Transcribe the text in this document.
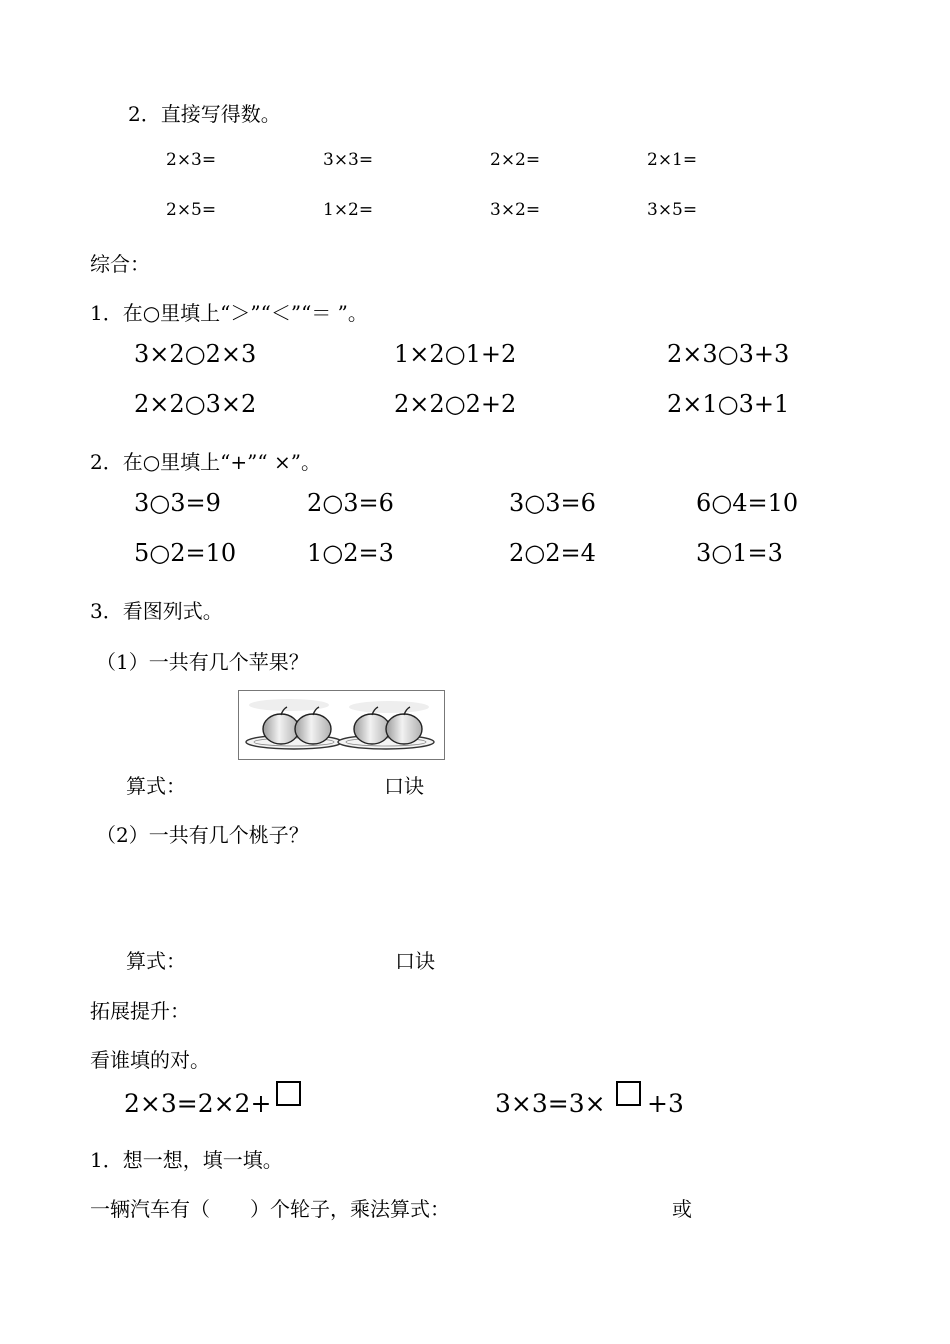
2．直接写得数。
2×3=	3×3=	2×2=	2×1=
2×5=	1×2=	3×2=	3×5=
综合：
1．在○里填上“＞”“＜”“＝ ”。
3×2○2×3	1×2○1+2	2×3○3+3
2×2○3×2	2×2○2+2	2×1○3+1
2．在○里填上“+”“ ×”。
3○3=9	2○3=6	3○3=6	6○4=10
5○2=10	1○2=3	2○2=4	3○1=3
3．看图列式。
（1）一共有几个苹果？
算式：	口诀
（2）一共有几个桃子？
算式：	口诀
拓展提升：
看谁填的对。
2×3=2×2+	3×3=3× +3
1．想一想，填一填。
一辆汽车有（　　）个轮子，乘法算式：	或
